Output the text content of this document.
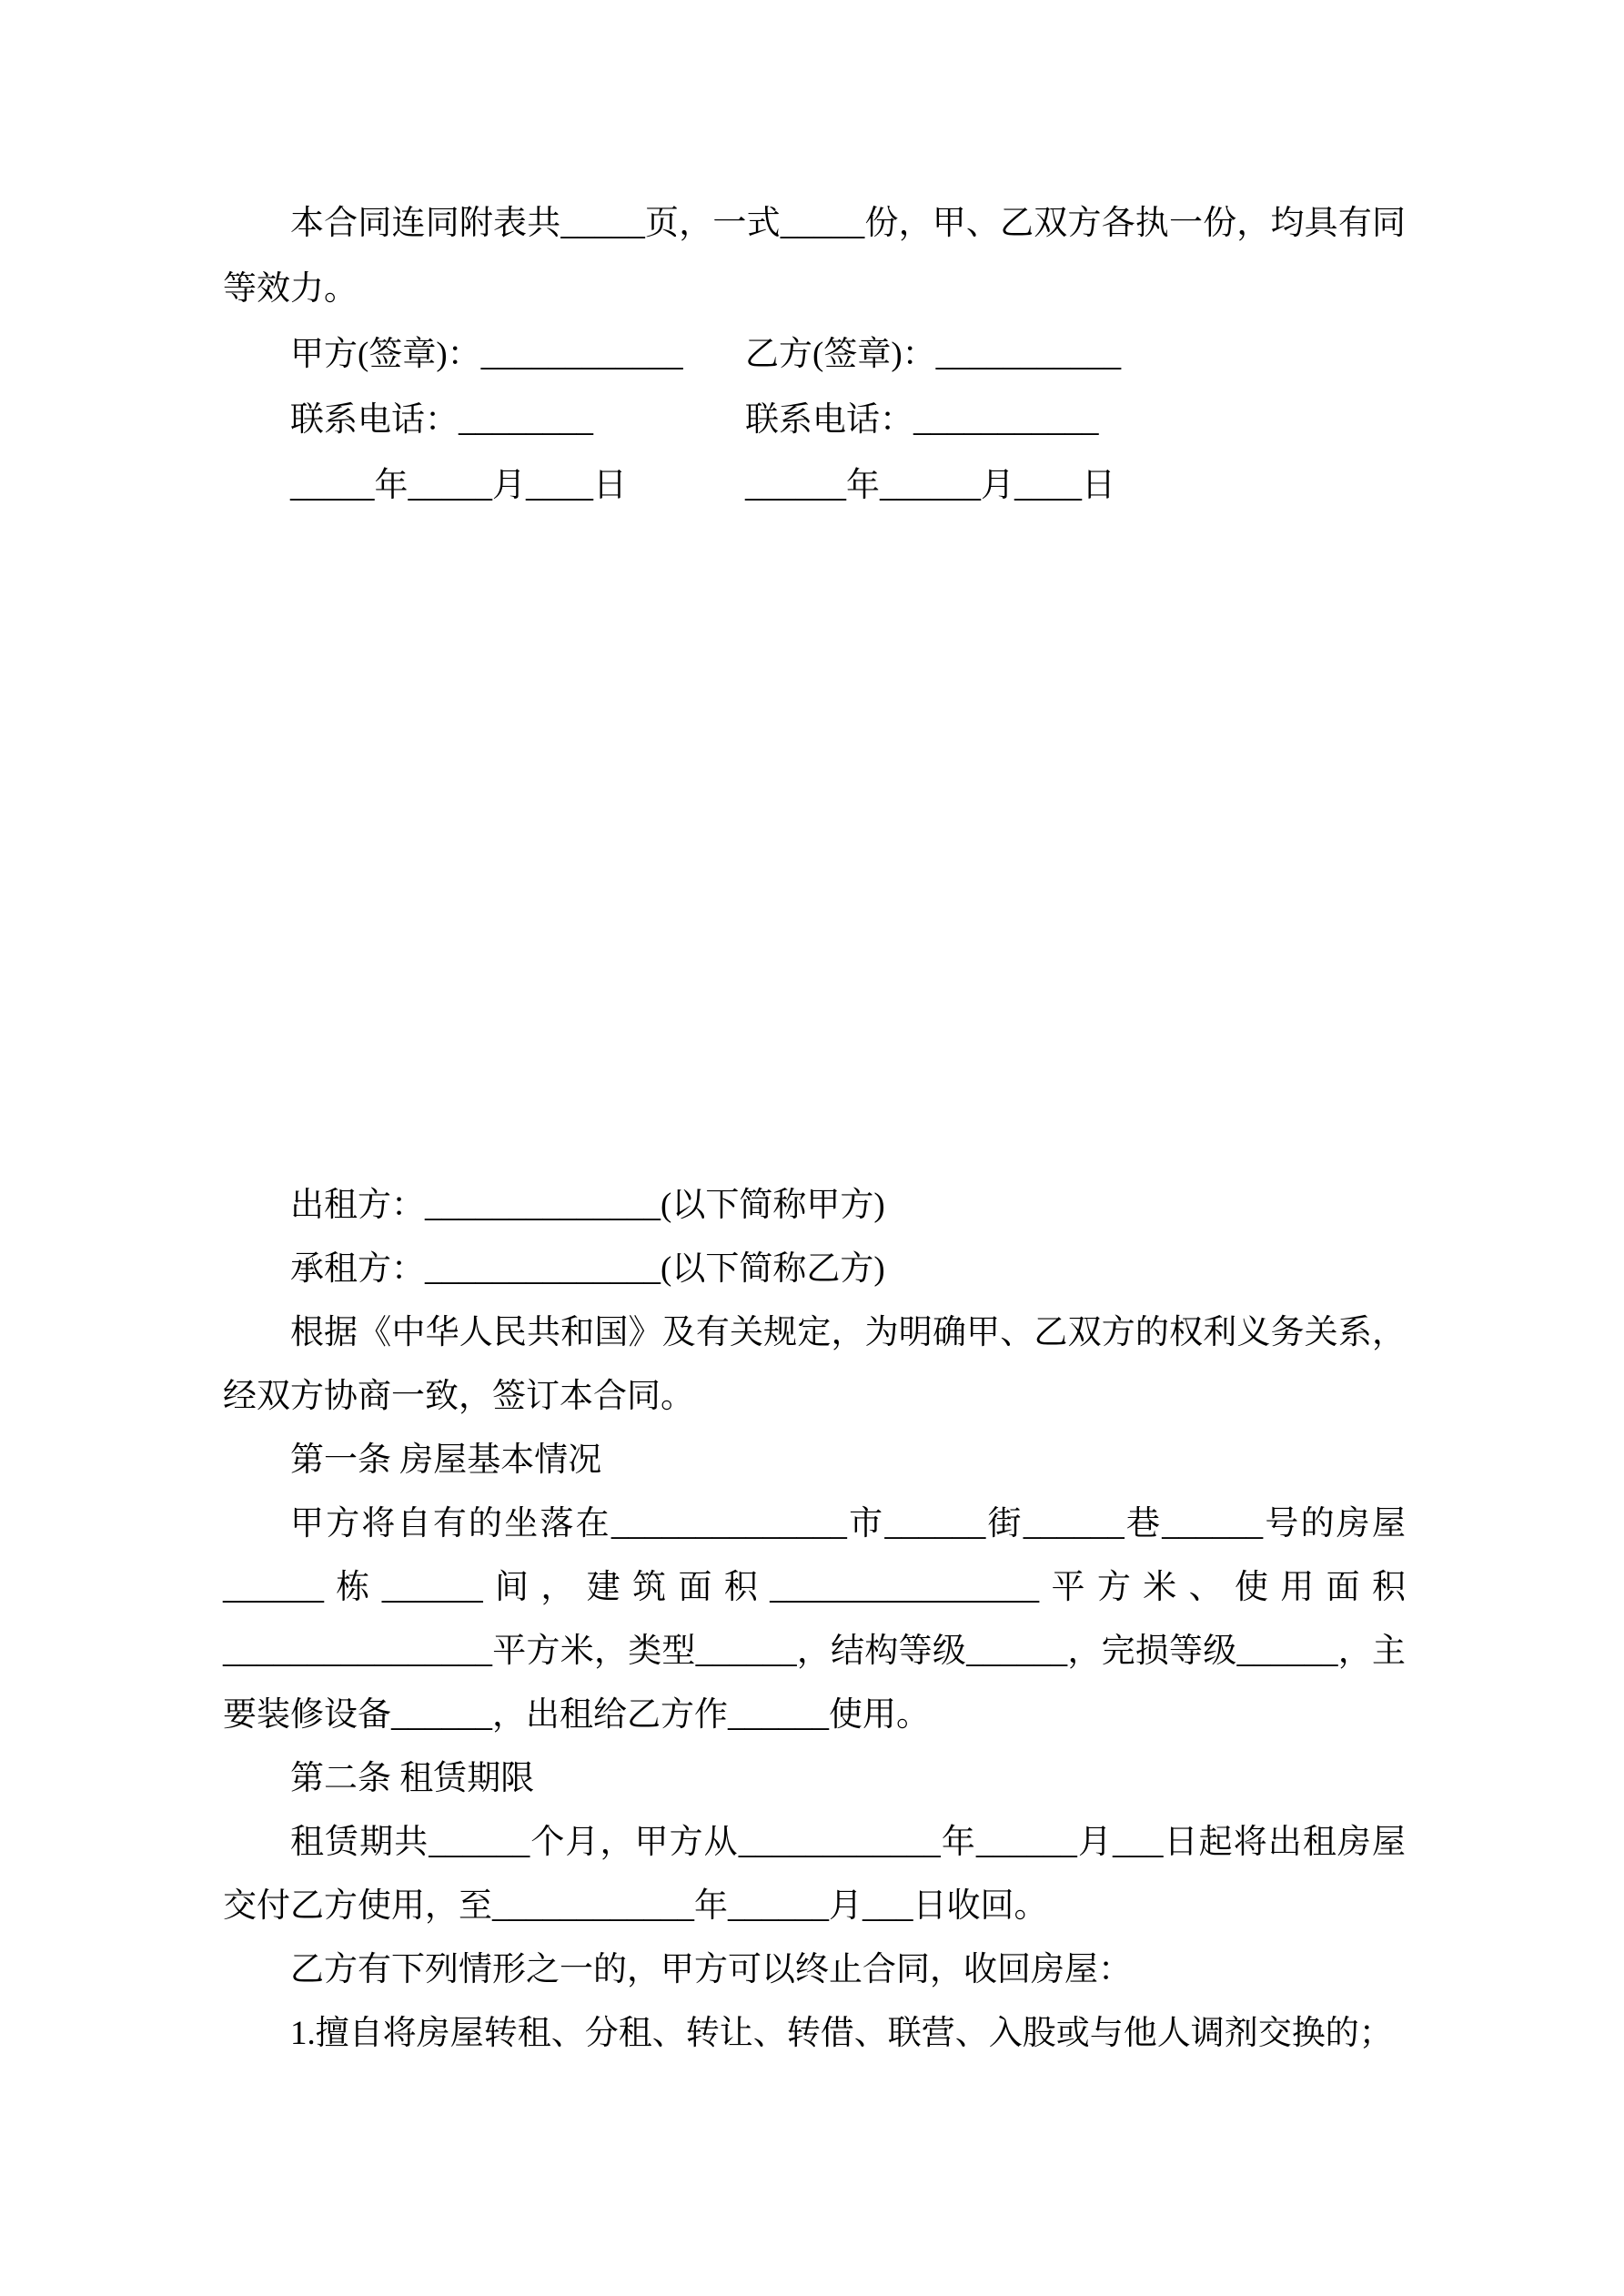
本合同连同附表共_____页，一式_____份，甲、乙双方各执一份，均具有同等效力。

甲方(签章)：____________	乙方(签章)：___________
联系电话：________	联系电话：___________
_____年_____月____日	______年______月____日

出租方：______________(以下简称甲方)

承租方：______________(以下简称乙方)

根据《中华人民共和国》及有关规定，为明确甲、乙双方的权利义务关系，经双方协商一致，签订本合同。

第一条 房屋基本情况

甲方将自有的坐落在______________市______街______巷______号的房屋______栋______间，建筑面积________________平方米、使用面积________________平方米，类型______，结构等级______，完损等级______，主要装修设备______，出租给乙方作______使用。

第二条 租赁期限

租赁期共______个月，甲方从____________年______月___日起将出租房屋交付乙方使用，至____________年______月___日收回。

乙方有下列情形之一的，甲方可以终止合同，收回房屋：

1.擅自将房屋转租、分租、转让、转借、联营、入股或与他人调剂交换的；
